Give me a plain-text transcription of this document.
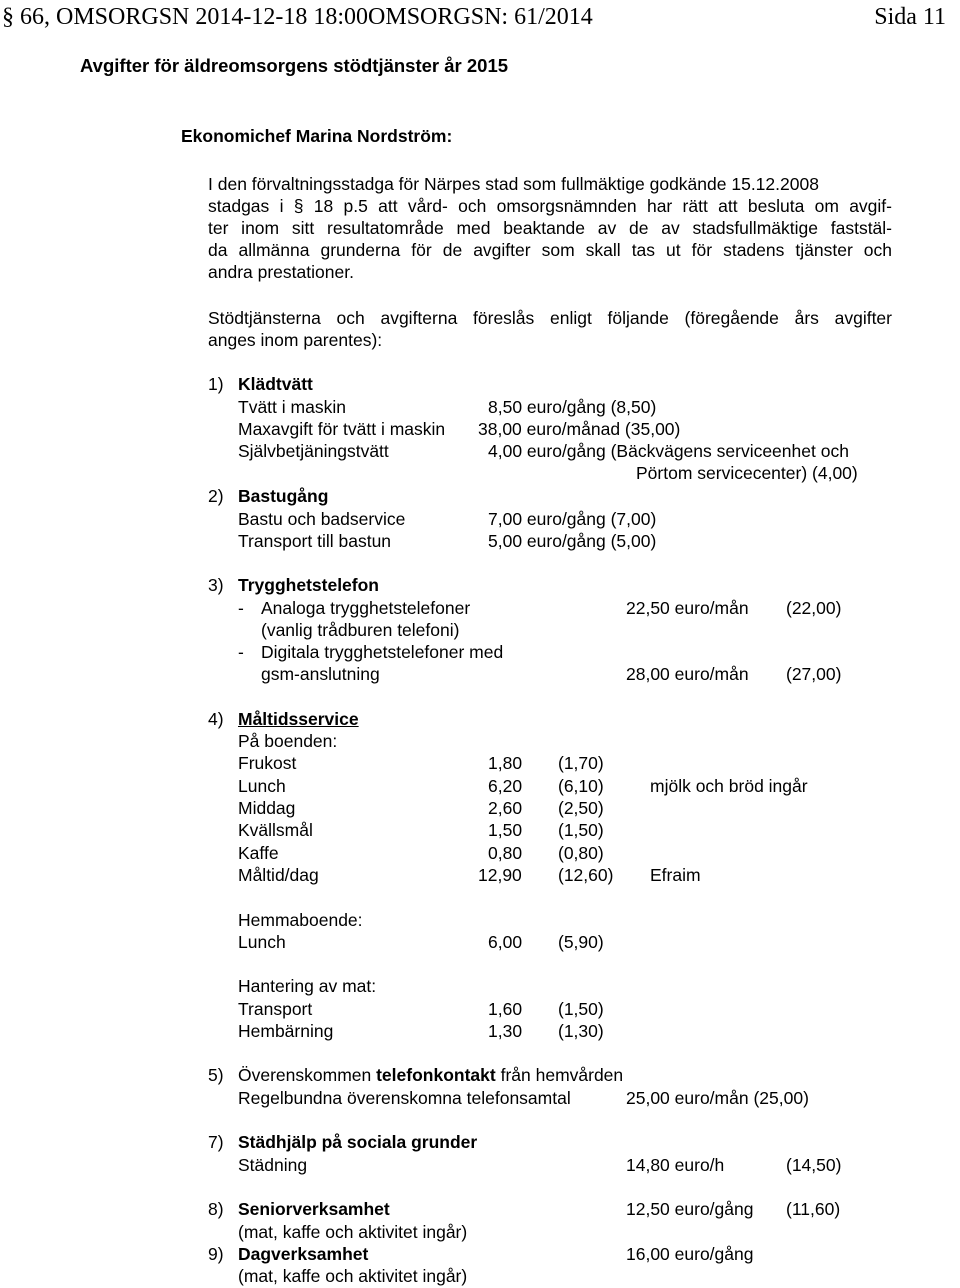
§ 66, OMSORGSN 2014-12-18 18:00OMSORGSN: 61/2014	Sida 11
Avgifter för äldreomsorgens stödtjänster år 2015
Ekonomichef Marina Nordström:
I den förvaltningsstadga för Närpes stad som fullmäktige godkände 15.12.2008
stadgas i § 18 p.5 att vård- och omsorgsnämnden har rätt att besluta om avgif-
ter inom sitt resultatområde med beaktande av de av stadsfullmäktige faststäl-
da allmänna grunderna för de avgifter som skall tas ut för stadens tjänster och
andra prestationer.
Stödtjänsterna och avgifterna föreslås enligt följande (föregående års avgifter
anges inom parentes):
1) Klädtvätt
Tvätt i maskin	8,50 euro/gång (8,50)
Maxavgift för tvätt i maskin 38,00 euro/månad (35,00)
Självbetjäningstvätt	4,00 euro/gång (Bäckvägens serviceenhet och
Pörtom servicecenter) (4,00)
2) Bastugång
Bastu och badservice	7,00 euro/gång (7,00)
Transport till bastun	5,00 euro/gång (5,00)
3) Trygghetstelefon
- Analoga trygghetstelefoner	22,50 euro/mån (22,00)
(vanlig trådburen telefoni)
- Digitala trygghetstelefoner med
gsm-anslutning	28,00 euro/mån (27,00)
4) Måltidsservice
På boenden:
Frukost	1,80 (1,70)
Lunch	6,20 (6,10)	mjölk och bröd ingår
Middag	2,60 (2,50)
Kvällsmål	1,50 (1,50)
Kaffe	0,80 (0,80)
Måltid/dag	12,90 (12,60) Efraim
Hemmaboende:
Lunch	6,00 (5,90)
Hantering av mat:
Transport	1,60 (1,50)
Hembärning	1,30 (1,30)
5) Överenskommen telefonkontakt från hemvården
Regelbundna överenskomna telefonsamtal	25,00 euro/mån (25,00)
7) Städhjälp på sociala grunder
Städning	14,80 euro/h	(14,50)
8) Seniorverksamhet	12,50 euro/gång (11,60)
(mat, kaffe och aktivitet ingår)
9) Dagverksamhet	16,00 euro/gång
(mat, kaffe och aktivitet ingår)
